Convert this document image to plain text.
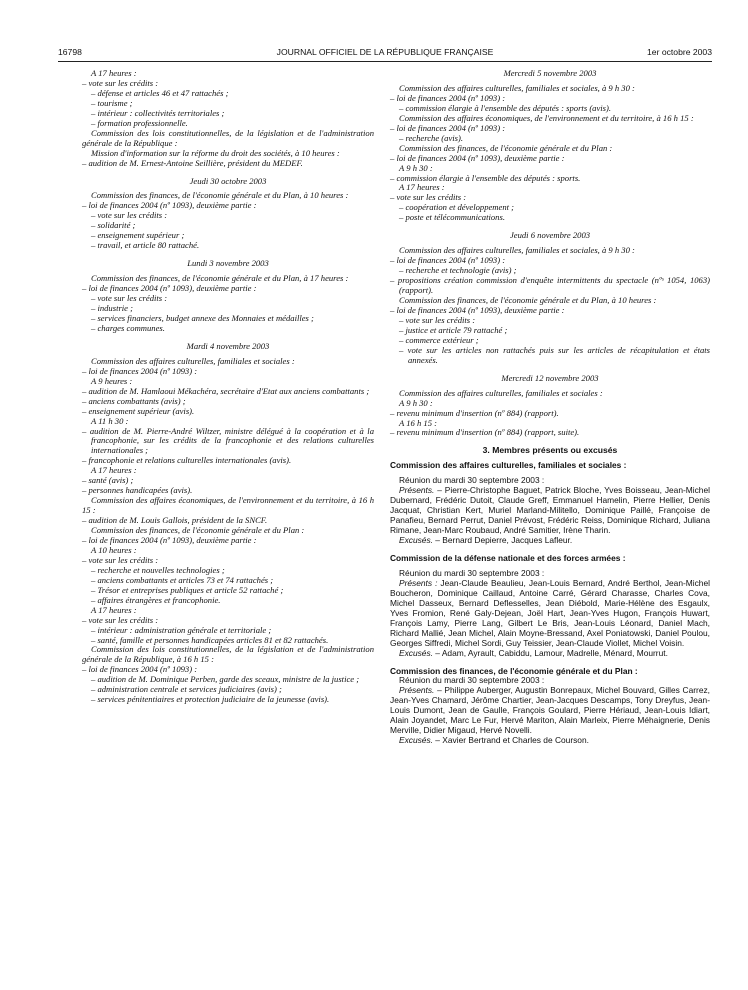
16798	JOURNAL OFFICIEL DE LA RÉPUBLIQUE FRANÇAISE	1er octobre 2003

A 17 heures :

– vote sur les crédits :

– défense et articles 46 et 47 rattachés ;

– tourisme ;

– intérieur : collectivités territoriales ;

– formation professionnelle.

Commission des lois constitutionnelles, de la législation et de l'administration générale de la République :

Mission d'information sur la réforme du droit des sociétés, à 10 heures :

– audition de M. Ernest-Antoine Seillière, président du MEDEF.

Jeudi 30 octobre 2003

Commission des finances, de l'économie générale et du Plan, à 10 heures :

– loi de finances 2004 (nº 1093), deuxième partie :

– vote sur les crédits :

– solidarité ;

– enseignement supérieur ;

– travail, et article 80 rattaché.

Lundi 3 novembre 2003

Commission des finances, de l'économie générale et du Plan, à 17 heures :

– loi de finances 2004 (nº 1093), deuxième partie :

– vote sur les crédits :

– industrie ;

– services financiers, budget annexe des Monnaies et médailles ;

– charges communes.

Mardi 4 novembre 2003

Commission des affaires culturelles, familiales et sociales :

– loi de finances 2004 (nº 1093) :

A 9 heures :

– audition de M. Hamlaoui Mékachéra, secrétaire d'Etat aux anciens combattants ;

– anciens combattants (avis) ;

– enseignement supérieur (avis).

A 11 h 30 :

– audition de M. Pierre-André Wiltzer, ministre délégué à la coopération et à la francophonie, sur les crédits de la francophonie et des relations culturelles internationales ;

– francophonie et relations culturelles internationales (avis).

A 17 heures :

– santé (avis) ;

– personnes handicapées (avis).

Commission des affaires économiques, de l'environnement et du territoire, à 16 h 15 :

– audition de M. Louis Gallois, président de la SNCF.

Commission des finances, de l'économie générale et du Plan :

– loi de finances 2004 (nº 1093), deuxième partie :

A 10 heures :

– vote sur les crédits :

– recherche et nouvelles technologies ;

– anciens combattants et articles 73 et 74 rattachés ;

– Trésor et entreprises publiques et article 52 rattaché ;

– affaires étrangères et francophonie.

A 17 heures :

– vote sur les crédits :

– intérieur : administration générale et territoriale ;

– santé, famille et personnes handicapées articles 81 et 82 rattachés.

Commission des lois constitutionnelles, de la législation et de l'administration générale de la République, à 16 h 15 :

– loi de finances 2004 (nº 1093) :

– audition de M. Dominique Perben, garde des sceaux, ministre de la justice ;

– administration centrale et services judiciaires (avis) ;

– services pénitentiaires et protection judiciaire de la jeunesse (avis).

Mercredi 5 novembre 2003

Commission des affaires culturelles, familiales et sociales, à 9 h 30 :

– loi de finances 2004 (nº 1093) :

– commission élargie à l'ensemble des députés : sports (avis).

Commission des affaires économiques, de l'environnement et du territoire, à 16 h 15 :

– loi de finances 2004 (nº 1093) :

– recherche (avis).

Commission des finances, de l'économie générale et du Plan :

– loi de finances 2004 (nº 1093), deuxième partie :

A 9 h 30 :

– commission élargie à l'ensemble des députés : sports.

A 17 heures :

– vote sur les crédits :

– coopération et développement ;

– poste et télécommunications.

Jeudi 6 novembre 2003

Commission des affaires culturelles, familiales et sociales, à 9 h 30 :

– loi de finances 2004 (nº 1093) :

– recherche et technologie (avis) ;

– propositions création commission d'enquête intermittents du spectacle (nºˢ 1054, 1063) (rapport).

Commission des finances, de l'économie générale et du Plan, à 10 heures :

– loi de finances 2004 (nº 1093), deuxième partie :

– vote sur les crédits :

– justice et article 79 rattaché ;

– commerce extérieur ;

– vote sur les articles non rattachés puis sur les articles de récapitulation et états annexés.

Mercredi 12 novembre 2003

Commission des affaires culturelles, familiales et sociales :

A 9 h 30 :

– revenu minimum d'insertion (nº 884) (rapport).

A 16 h 15 :

– revenu minimum d'insertion (nº 884) (rapport, suite).

3. Membres présents ou excusés

Commission des affaires culturelles, familiales et sociales :

Réunion du mardi 30 septembre 2003 :

Présents. – Pierre-Christophe Baguet, Patrick Bloche, Yves Boisseau, Jean-Michel Dubernard, Frédéric Dutoit, Claude Greff, Emmanuel Hamelin, Pierre Hellier, Denis Jacquat, Christian Kert, Muriel Marland-Militello, Dominique Paillé, Françoise de Panafieu, Bernard Perrut, Daniel Prévost, Frédéric Reiss, Dominique Richard, Juliana Rimane, Jean-Marc Roubaud, André Samitier, Irène Tharin.

Excusés. – Bernard Depierre, Jacques Lafleur.

Commission de la défense nationale et des forces armées :

Réunion du mardi 30 septembre 2003 :

Présents : Jean-Claude Beaulieu, Jean-Louis Bernard, André Berthol, Jean-Michel Boucheron, Dominique Caillaud, Antoine Carré, Gérard Charasse, Charles Cova, Michel Dasseux, Bernard Deflesselles, Jean Diébold, Marie-Hélène des Esgaulx, Yves Fromion, René Galy-Dejean, Joël Hart, Jean-Yves Hugon, François Huwart, François Lamy, Pierre Lang, Gilbert Le Bris, Jean-Louis Léonard, Daniel Mach, Richard Mallié, Jean Michel, Alain Moyne-Bressand, Axel Poniatowski, Daniel Poulou, Georges Siffredi, Michel Sordi, Guy Teissier, Jean-Claude Viollet, Michel Voisin.

Excusés. – Adam, Ayrault, Cabiddu, Lamour, Madrelle, Ménard, Mourrut.

Commission des finances, de l'économie générale et du Plan :

Réunion du mardi 30 septembre 2003 :

Présents. – Philippe Auberger, Augustin Bonrepaux, Michel Bouvard, Gilles Carrez, Jean-Yves Chamard, Jérôme Chartier, Jean-Jacques Descamps, Tony Dreyfus, Jean-Louis Dumont, Jean de Gaulle, François Goulard, Pierre Hériaud, Jean-Louis Idiart, Alain Joyandet, Marc Le Fur, Hervé Mariton, Alain Marleix, Pierre Méhaignerie, Denis Merville, Didier Migaud, Hervé Novelli.

Excusés. – Xavier Bertrand et Charles de Courson.
